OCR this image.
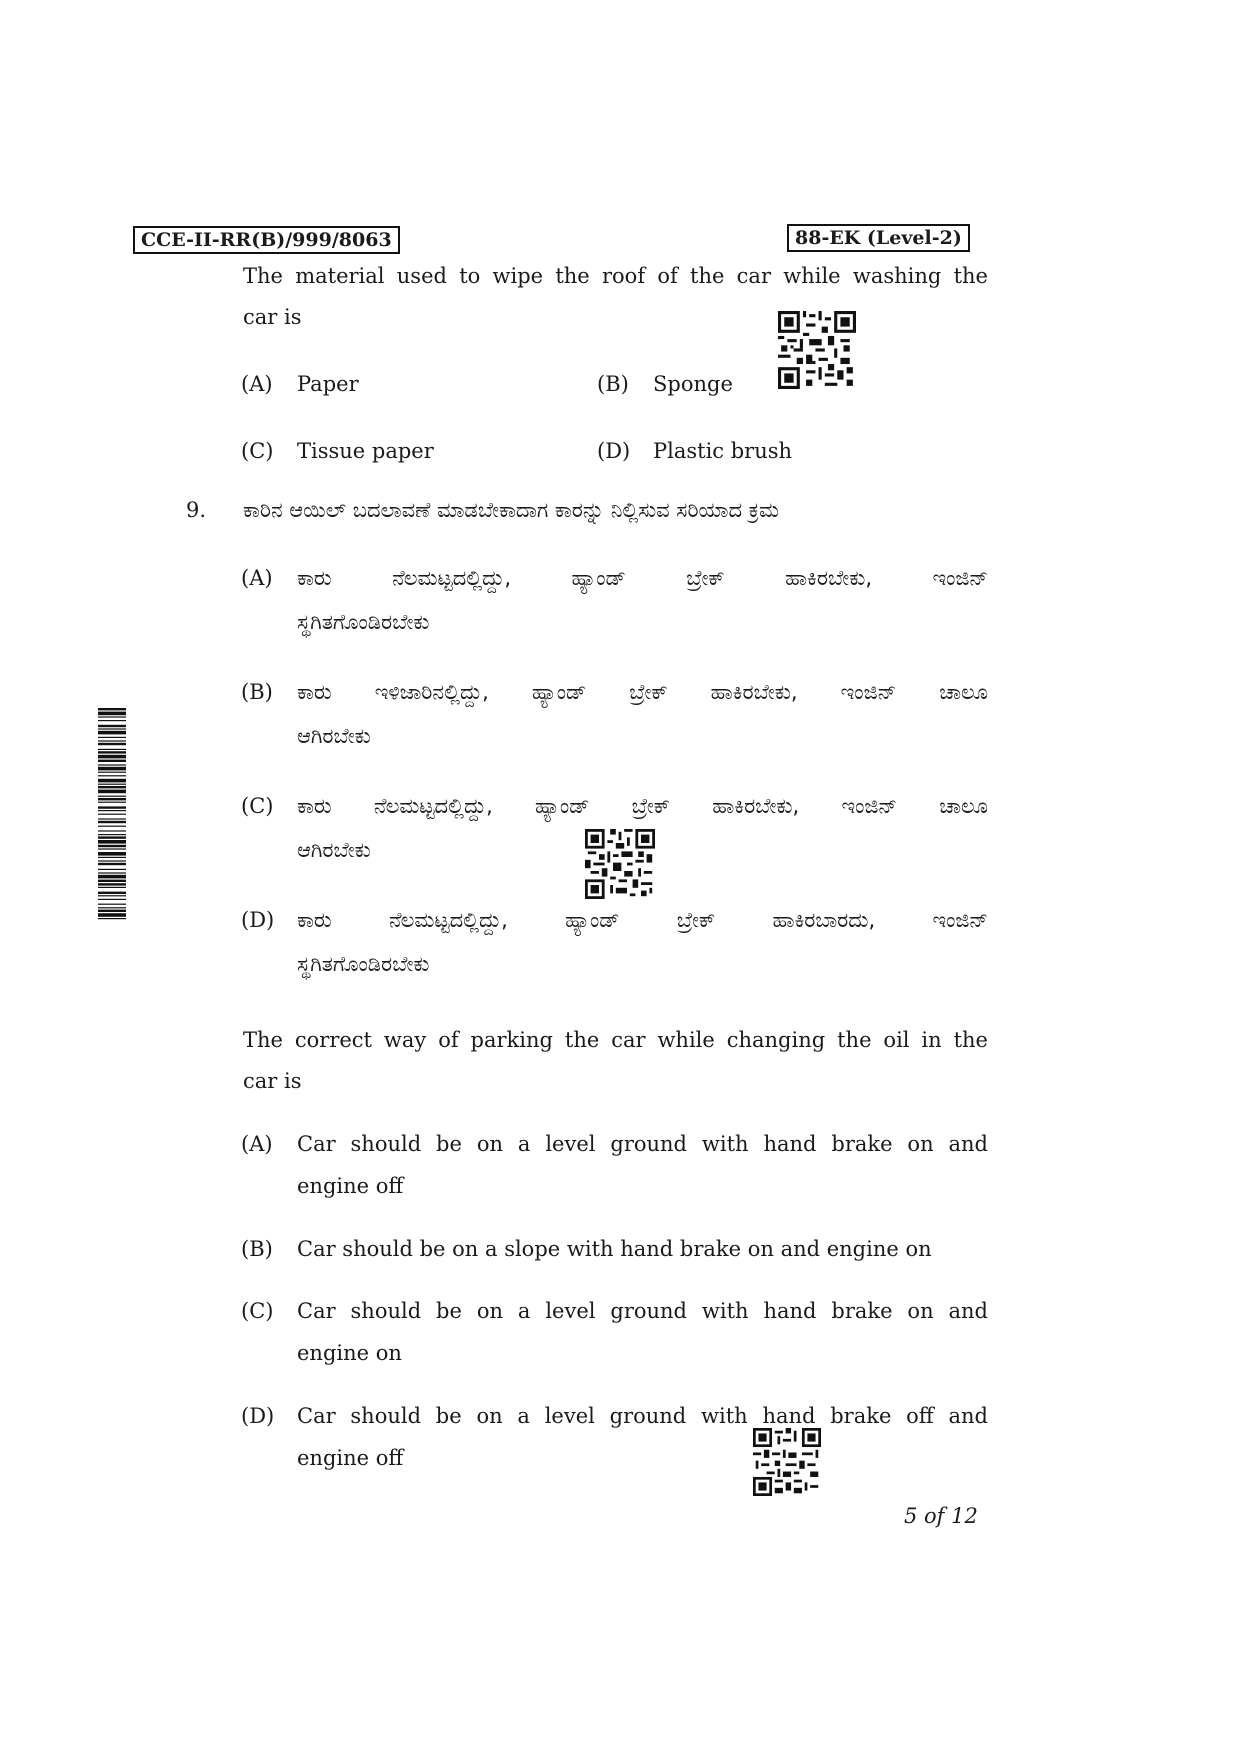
CCE-II-RR(B)/999/8063	88-EK (Level-2)
The material used to wipe the roof of the car while washing the
car is
(A) Paper	(B) Sponge
(C) Tissue paper	(D) Plastic brush
9. ಕಾರಿನ ಆಯಿಲ್ ಬದಲಾವಣೆ ಮಾಡಬೇಕಾದಾಗ ಕಾರನ್ನು ನಿಲ್ಲಿಸುವ ಸರಿಯಾದ ಕ್ರಮ
(A) ಕಾರು ನೆಲಮಟ್ಟದಲ್ಲಿದ್ದು, ಹ್ಯಾಂಡ್ ಬ್ರೇಕ್ ಹಾಕಿರಬೇಕು, ಇಂಜಿನ್
ಸ್ಥಗಿತಗೊಂಡಿರಬೇಕು
(B) ಕಾರು ಇಳಿಜಾರಿನಲ್ಲಿದ್ದು, ಹ್ಯಾಂಡ್ ಬ್ರೇಕ್ ಹಾಕಿರಬೇಕು, ಇಂಜಿನ್ ಚಾಲೂ
ಆಗಿರಬೇಕು
(C) ಕಾರು ನೆಲಮಟ್ಟದಲ್ಲಿದ್ದು, ಹ್ಯಾಂಡ್ ಬ್ರೇಕ್ ಹಾಕಿರಬೇಕು, ಇಂಜಿನ್ ಚಾಲೂ
ಆಗಿರಬೇಕು
(D) ಕಾರು ನೆಲಮಟ್ಟದಲ್ಲಿದ್ದು, ಹ್ಯಾಂಡ್ ಬ್ರೇಕ್ ಹಾಕಿರಬಾರದು, ಇಂಜಿನ್
ಸ್ಥಗಿತಗೊಂಡಿರಬೇಕು
The correct way of parking the car while changing the oil in the
car is
(A) Car should be on a level ground with hand brake on and
engine off
(B) Car should be on a slope with hand brake on and engine on
(C) Car should be on a level ground with hand brake on and
engine on
(D) Car should be on a level ground with hand brake off and
engine off
5 of 12
